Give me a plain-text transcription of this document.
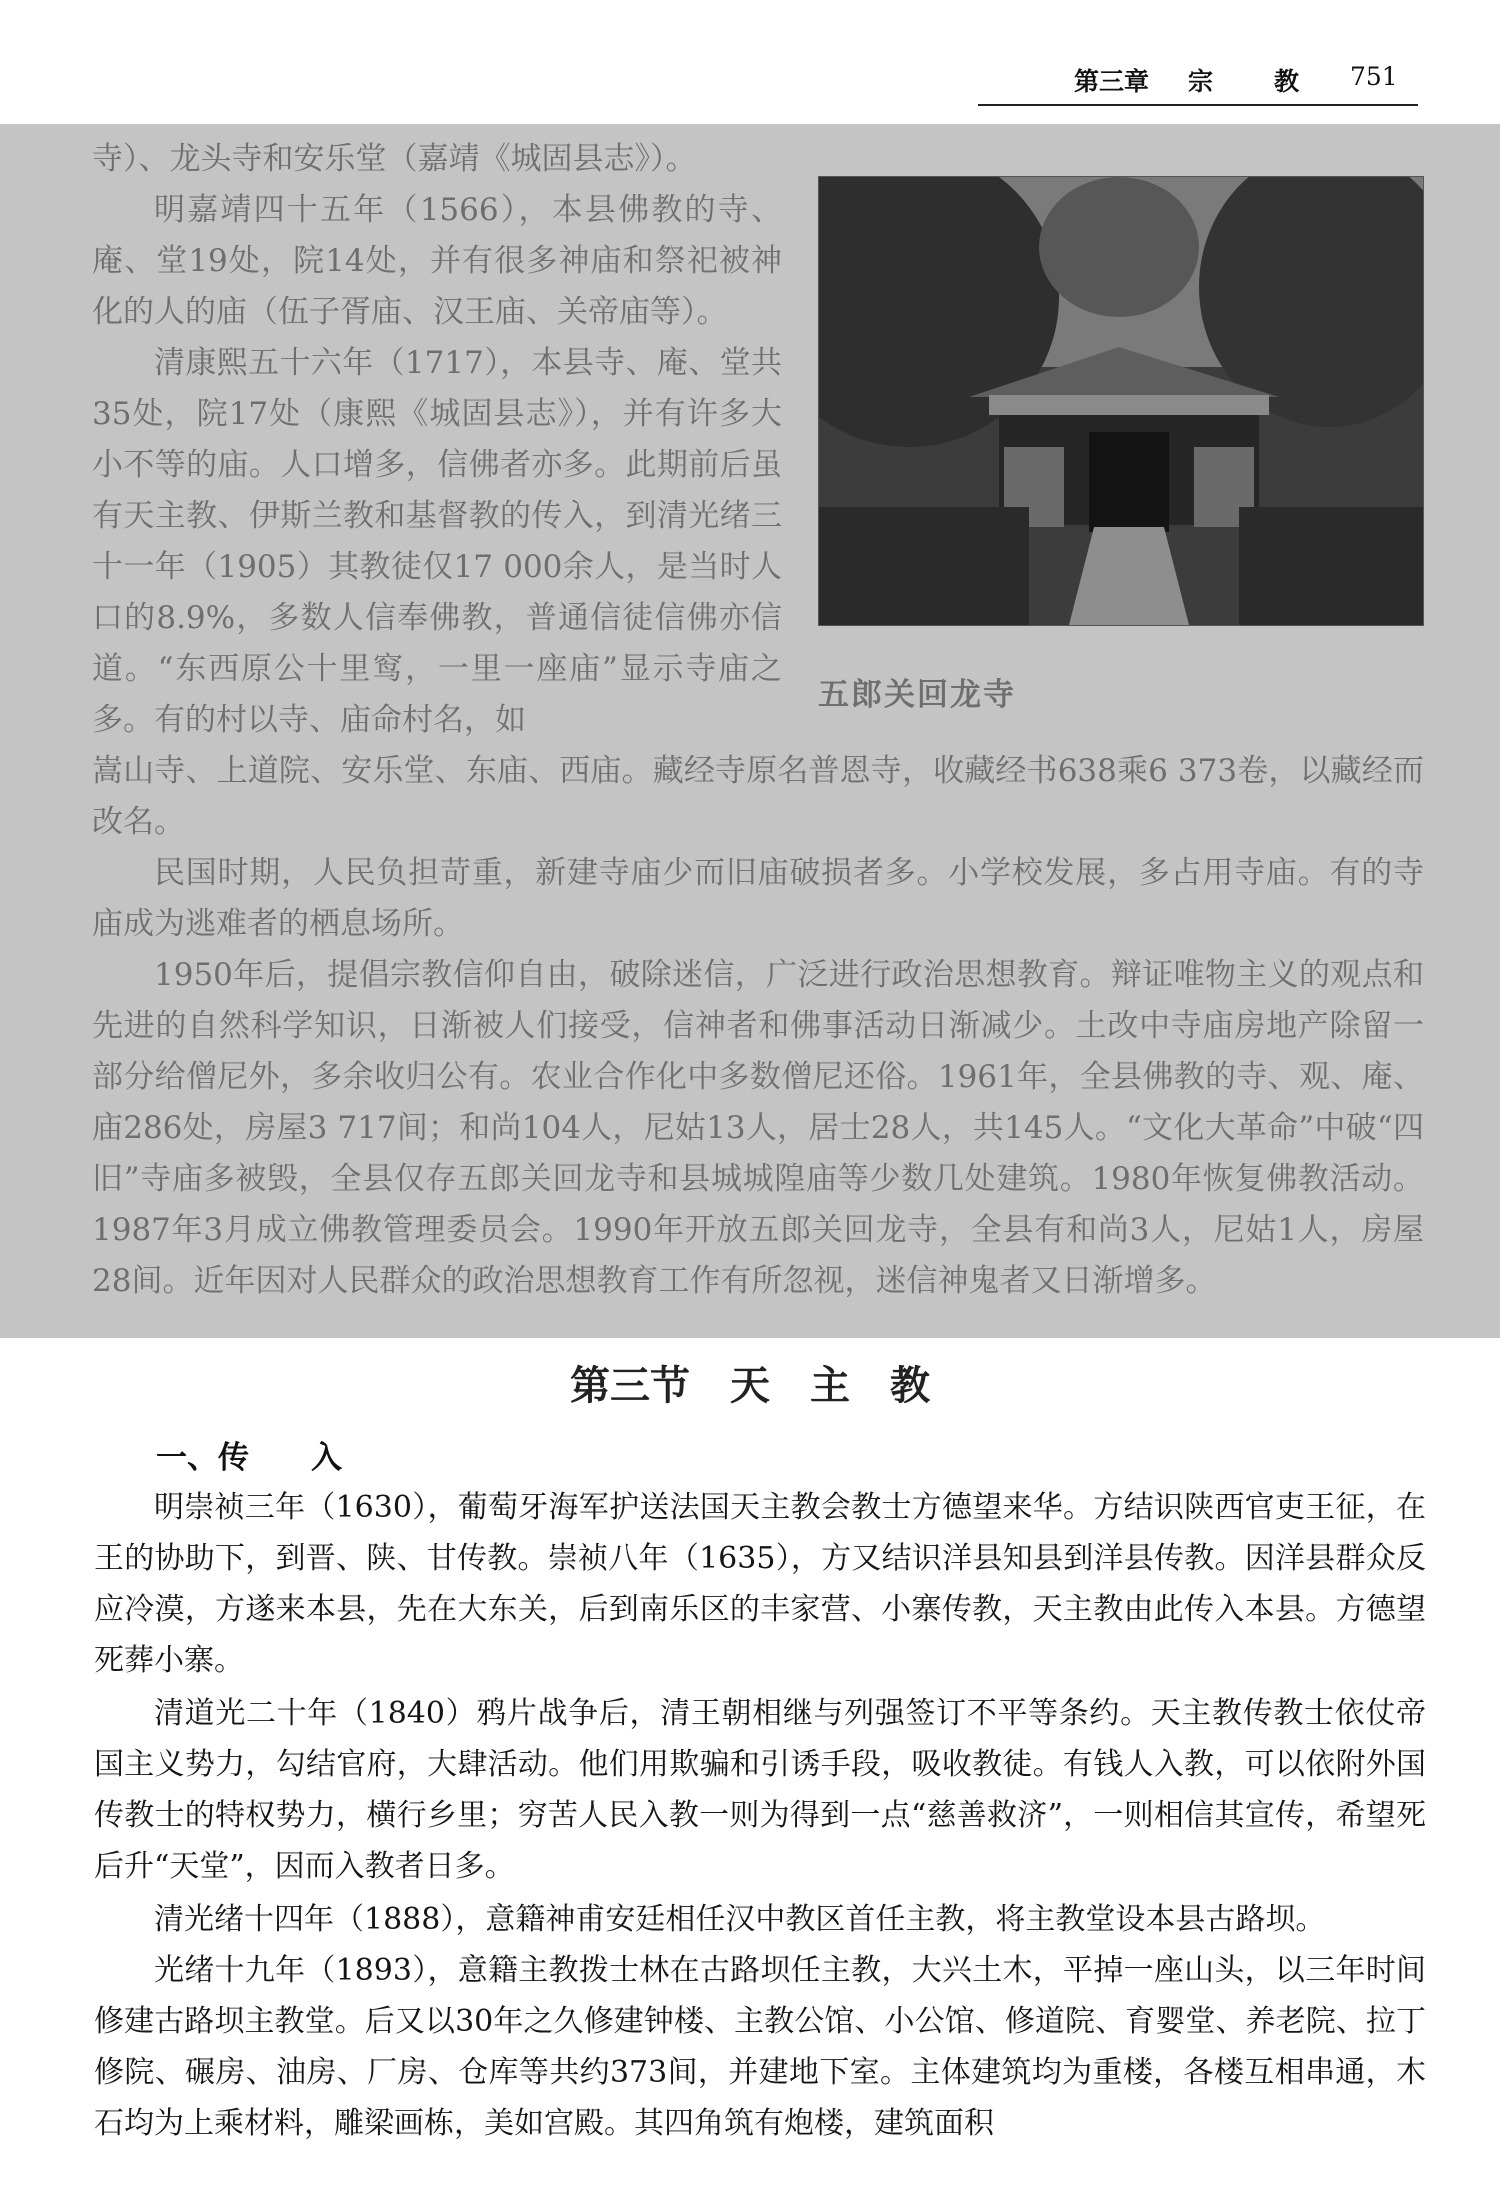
第三章 宗 教 751

寺）、龙头寺和安乐堂（嘉靖《城固县志》）。

明嘉靖四十五年（1566），本县佛教的寺、庵、堂19处，院14处，并有很多神庙和祭祀被神化的人的庙（伍子胥庙、汉王庙、关帝庙等）。

清康熙五十六年（1717），本县寺、庵、堂共35处，院17处（康熙《城固县志》），并有许多大小不等的庙。人口增多，信佛者亦多。此期前后虽有天主教、伊斯兰教和基督教的传入，到清光绪三十一年（1905）其教徒仅17 000余人，是当时人口的8.9%，多数人信奉佛教，普通信徒信佛亦信道。“东西原公十里窎，一里一座庙”显示寺庙之多。有的村以寺、庙命村名，如

嵩山寺、上道院、安乐堂、东庙、西庙。藏经寺原名普恩寺，收藏经书638乘6 373卷，以藏经而改名。

民国时期，人民负担苛重，新建寺庙少而旧庙破损者多。小学校发展，多占用寺庙。有的寺庙成为逃难者的栖息场所。

1950年后，提倡宗教信仰自由，破除迷信，广泛进行政治思想教育。辩证唯物主义的观点和先进的自然科学知识，日渐被人们接受，信神者和佛事活动日渐减少。土改中寺庙房地产除留一部分给僧尼外，多余收归公有。农业合作化中多数僧尼还俗。1961年，全县佛教的寺、观、庵、庙286处，房屋3 717间；和尚104人，尼姑13人，居士28人，共145人。“文化大革命”中破“四旧”寺庙多被毁，全县仅存五郎关回龙寺和县城城隍庙等少数几处建筑。1980年恢复佛教活动。1987年3月成立佛教管理委员会。1990年开放五郎关回龙寺，全县有和尚3人，尼姑1人，房屋28间。近年因对人民群众的政治思想教育工作有所忽视，迷信神鬼者又日渐增多。

五郎关回龙寺

第三节　天　主　教
一、传　　入

明崇祯三年（1630），葡萄牙海军护送法国天主教会教士方德望来华。方结识陕西官吏王征，在王的协助下，到晋、陕、甘传教。崇祯八年（1635），方又结识洋县知县到洋县传教。因洋县群众反应冷漠，方遂来本县，先在大东关，后到南乐区的丰家营、小寨传教，天主教由此传入本县。方德望死葬小寨。

清道光二十年（1840）鸦片战争后，清王朝相继与列强签订不平等条约。天主教传教士依仗帝国主义势力，勾结官府，大肆活动。他们用欺骗和引诱手段，吸收教徒。有钱人入教，可以依附外国传教士的特权势力，横行乡里；穷苦人民入教一则为得到一点“慈善救济”，一则相信其宣传，希望死后升“天堂”，因而入教者日多。

清光绪十四年（1888），意籍神甫安廷相任汉中教区首任主教，将主教堂设本县古路坝。

光绪十九年（1893），意籍主教拨士林在古路坝任主教，大兴土木，平掉一座山头，以三年时间修建古路坝主教堂。后又以30年之久修建钟楼、主教公馆、小公馆、修道院、育婴堂、养老院、拉丁修院、碾房、油房、厂房、仓库等共约373间，并建地下室。主体建筑均为重楼，各楼互相串通，木石均为上乘材料，雕梁画栋，美如宫殿。其四角筑有炮楼，建筑面积
